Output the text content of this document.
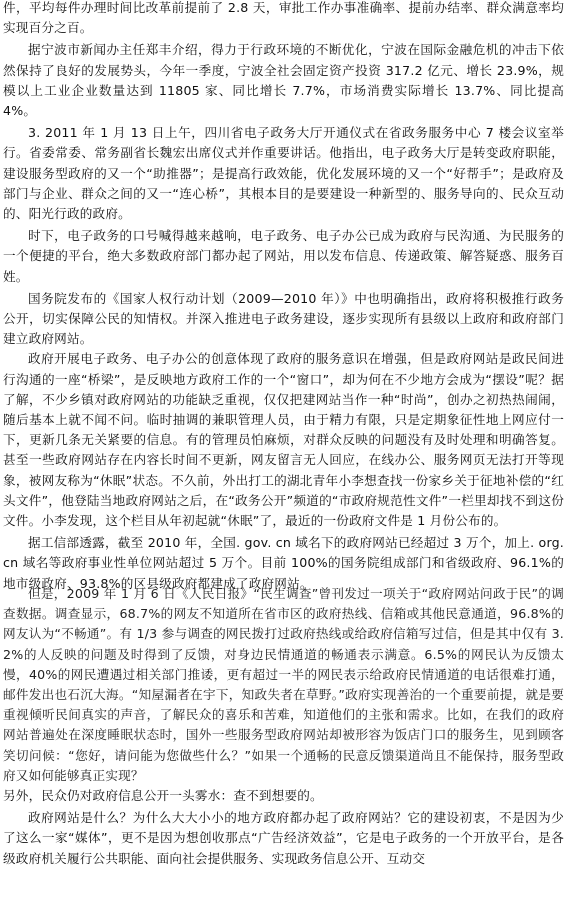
件，平均每件办理时间比改革前提前了 2.8 天，审批工作办事准确率、提前办结率、群众满意率均实现百分之百。

据宁波市新闻办主任郑丰介绍，得力于行政环境的不断优化，宁波在国际金融危机的冲击下依然保持了良好的发展势头，今年一季度，宁波全社会固定资产投资 317.2 亿元、增长 23.9%，规模以上工业企业数量达到 11805 家、同比增长 7.7%，市场消费实际增长 13.7%、同比提高 4%。

3. 2011 年 1 月 13 日上午，四川省电子政务大厅开通仪式在省政务服务中心 7 楼会议室举行。省委常委、常务副省长魏宏出席仪式并作重要讲话。他指出，电子政务大厅是转变政府职能，建设服务型政府的又一个“助推器”；是提高行政效能，优化发展环境的又一个“好帮手”；是政府及部门与企业、群众之间的又一“连心桥”，其根本目的是要建设一种新型的、服务导向的、民众互动的、阳光行政的政府。

时下，电子政务的口号喊得越来越响，电子政务、电子办公已成为政府与民沟通、为民服务的一个便捷的平台，绝大多数政府部门都办起了网站，用以发布信息、传递政策、解答疑惑、服务百姓。

国务院发布的《国家人权行动计划（2009—2010 年）》中也明确指出，政府将积极推行政务公开，切实保障公民的知情权。并深入推进电子政务建设，逐步实现所有县级以上政府和政府部门建立政府网站。

政府开展电子政务、电子办公的创意体现了政府的服务意识在增强，但是政府网站是政民间进行沟通的一座“桥梁”，是反映地方政府工作的一个“窗口”，却为何在不少地方会成为“摆设”呢？据了解，不少乡镇对政府网站的功能缺乏重视，仅仅把建网站当作一种“时尚”，创办之初热热闹闹，随后基本上就不闻不问。临时抽调的兼职管理人员，由于精力有限，只是定期象征性地上网应付一下，更新几条无关紧要的信息。有的管理员怕麻烦，对群众反映的问题没有及时处理和明确答复。甚至一些政府网站存在内容长时间不更新，网友留言无人回应，在线办公、服务网页无法打开等现象，被网友称为“休眠”状态。不久前，外出打工的湖北青年小李想查找一份家乡关于征地补偿的“红头文件”，他登陆当地政府网站之后，在“政务公开”频道的“市政府规范性文件”一栏里却找不到这份文件。小李发现，这个栏目从年初起就“休眠”了，最近的一份政府文件是 1 月份公布的。

据工信部透露，截至 2010 年，全国. gov. cn 域名下的政府网站已经超过 3 万个，加上. org. cn 域名等政府事业性单位网站超过 5 万个。目前 100%的国务院组成部门和省级政府、96.1%的地市级政府、93.8%的区县级政府都建成了政府网站。

但是，2009 年 1 月 6 日《人民日报》“民生调查”曾刊发过一项关于“政府网站问政于民”的调查数据。调查显示，68.7%的网友不知道所在省市区的政府热线、信箱或其他民意通道，96.8%的网友认为“不畅通”。有 1/3 参与调查的网民拨打过政府热线或给政府信箱写过信，但是其中仅有 3.2%的人反映的问题及时得到了反馈，对身边民情通道的畅通表示满意。6.5%的网民认为反馈太慢，40%的网民遭遇过相关部门推诿，更有超过一半的网民表示给政府民情通道的电话很难打通，邮件发出也石沉大海。“知屋漏者在宇下，知政失者在草野。”政府实现善治的一个重要前提，就是要重视倾听民间真实的声音，了解民众的喜乐和苦难，知道他们的主张和需求。比如，在我们的政府网站普遍处在深度睡眠状态时，国外一些服务型政府网站却被形容为饭店门口的服务生，见到顾客笑切问候：“您好，请问能为您做些什么？”如果一个通畅的民意反馈渠道尚且不能保持，服务型政府又如何能够真正实现？

另外，民众仍对政府信息公开一头雾水：查不到想要的。

政府网站是什么？为什么大大小小的地方政府都办起了政府网站？它的建设初衷，不是因为少了这么一家“媒体”，更不是因为想创收那点“广告经济效益”，它是电子政务的一个开放平台，是各级政府机关履行公共职能、面向社会提供服务、实现政务信息公开、互动交
